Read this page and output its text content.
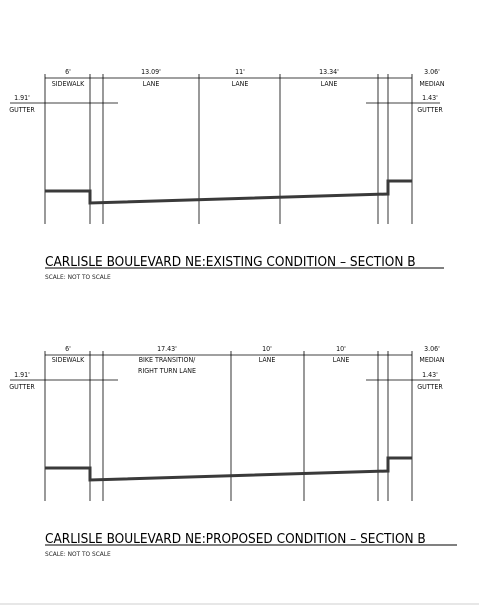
6'
SIDEWALK
13.09'
LANE
11'
LANE
13.34'
LANE
3.06'
MEDIAN
1.91'
GUTTER
1.43'
GUTTER
CARLISLE BOULEVARD NE:EXISTING CONDITION – SECTION B
SCALE: NOT TO SCALE
6'
SIDEWALK
17.43'
BIKE TRANSITION/
RIGHT TURN LANE
10'
LANE
10'
LANE
3.06'
MEDIAN
1.91'
GUTTER
1.43'
GUTTER
CARLISLE BOULEVARD NE:PROPOSED CONDITION – SECTION B
SCALE: NOT TO SCALE
